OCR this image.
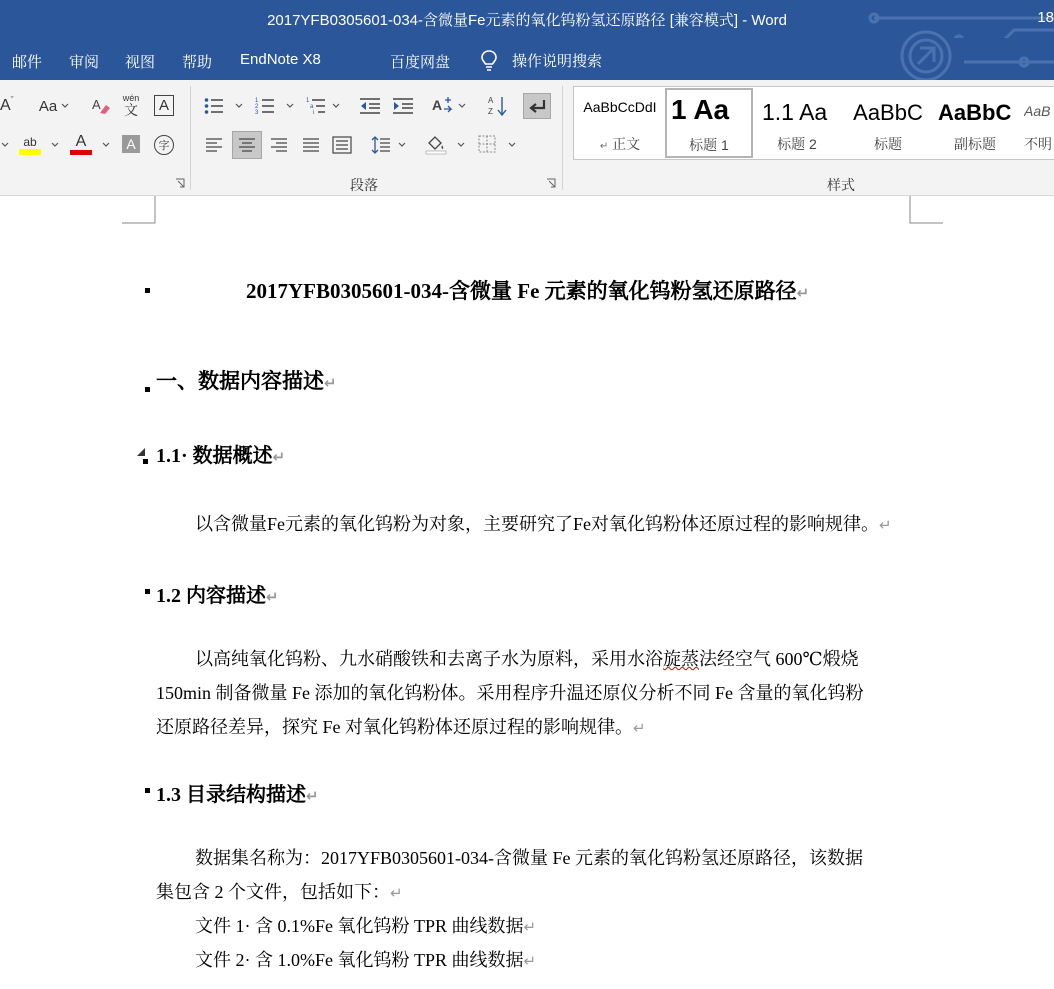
2017YFB0305601-034-含微量Fe元素的氧化钨粉氢还原路径 [兼容模式] - Word	18
邮件 审阅 视图 帮助 EndNote X8	百度网盘	操作说明搜索
A ˇ Aa	A wén
文 A
ab A	A 字
1
2
3
1
a
i	A	A
Z
段落	样式
AaBbCcDdI
↵ 正文
1 Aa
标题 1
1.1 Aa
标题 2
AaBbC
标题
AaBbC
副标题
AaB
不明
2017YFB0305601-034-含微量 Fe 元素的氧化钨粉氢还原路径↵
一、数据内容描述↵
1.1· 数据概述↵
以含微量Fe元素的氧化钨粉为对象，主要研究了Fe对氧化钨粉体还原过程的影响规律。↵
1.2 内容描述↵
以高纯氧化钨粉、九水硝酸铁和去离子水为原料，采用水浴旋蒸法经空气 600℃煅烧
150min 制备微量 Fe 添加的氧化钨粉体。采用程序升温还原仪分析不同 Fe 含量的氧化钨粉
还原路径差异，探究 Fe 对氧化钨粉体还原过程的影响规律。↵
1.3 目录结构描述↵
数据集名称为：2017YFB0305601-034-含微量 Fe 元素的氧化钨粉氢还原路径，该数据
集包含 2 个文件，包括如下：↵
文件 1· 含 0.1%Fe 氧化钨粉 TPR 曲线数据↵
文件 2· 含 1.0%Fe 氧化钨粉 TPR 曲线数据↵
